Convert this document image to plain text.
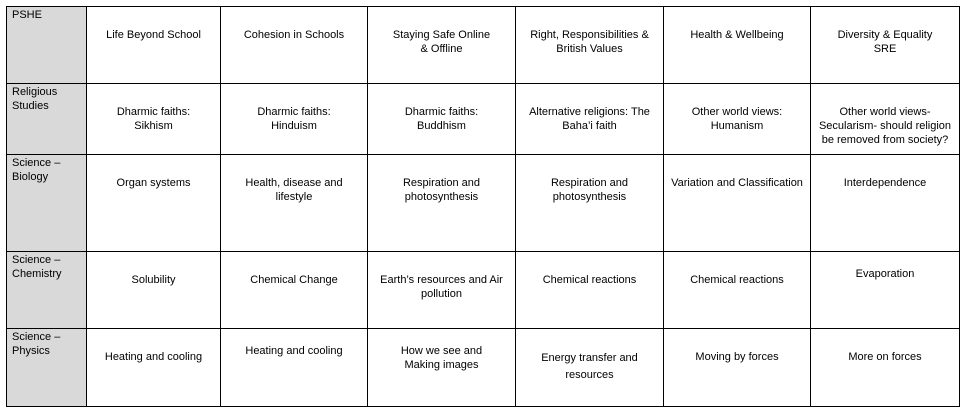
PSHE	Life Beyond School	Cohesion in Schools	Staying Safe Online & Offline	Right, Responsibilities & British Values	Health & Wellbeing	Diversity & Equality SRE

Religious Studies	Dharmic faiths: Sikhism	Dharmic faiths: Hinduism	Dharmic faiths: Buddhism	Alternative religions: The Baha’i faith	Other world views: Humanism	Other world views-Secularism- should religion be removed from society?

Science – Biology	Organ systems	Health, disease and lifestyle	Respiration and photosynthesis	Respiration and photosynthesis	Variation and Classification	Interdependence

Science – Chemistry	Solubility	Chemical Change	Earth’s resources and Air pollution	Chemical reactions	Chemical reactions	Evaporation

Science – Physics	Heating and cooling	Heating and cooling	How we see and Making images	Energy transfer and resources	Moving by forces	More on forces
